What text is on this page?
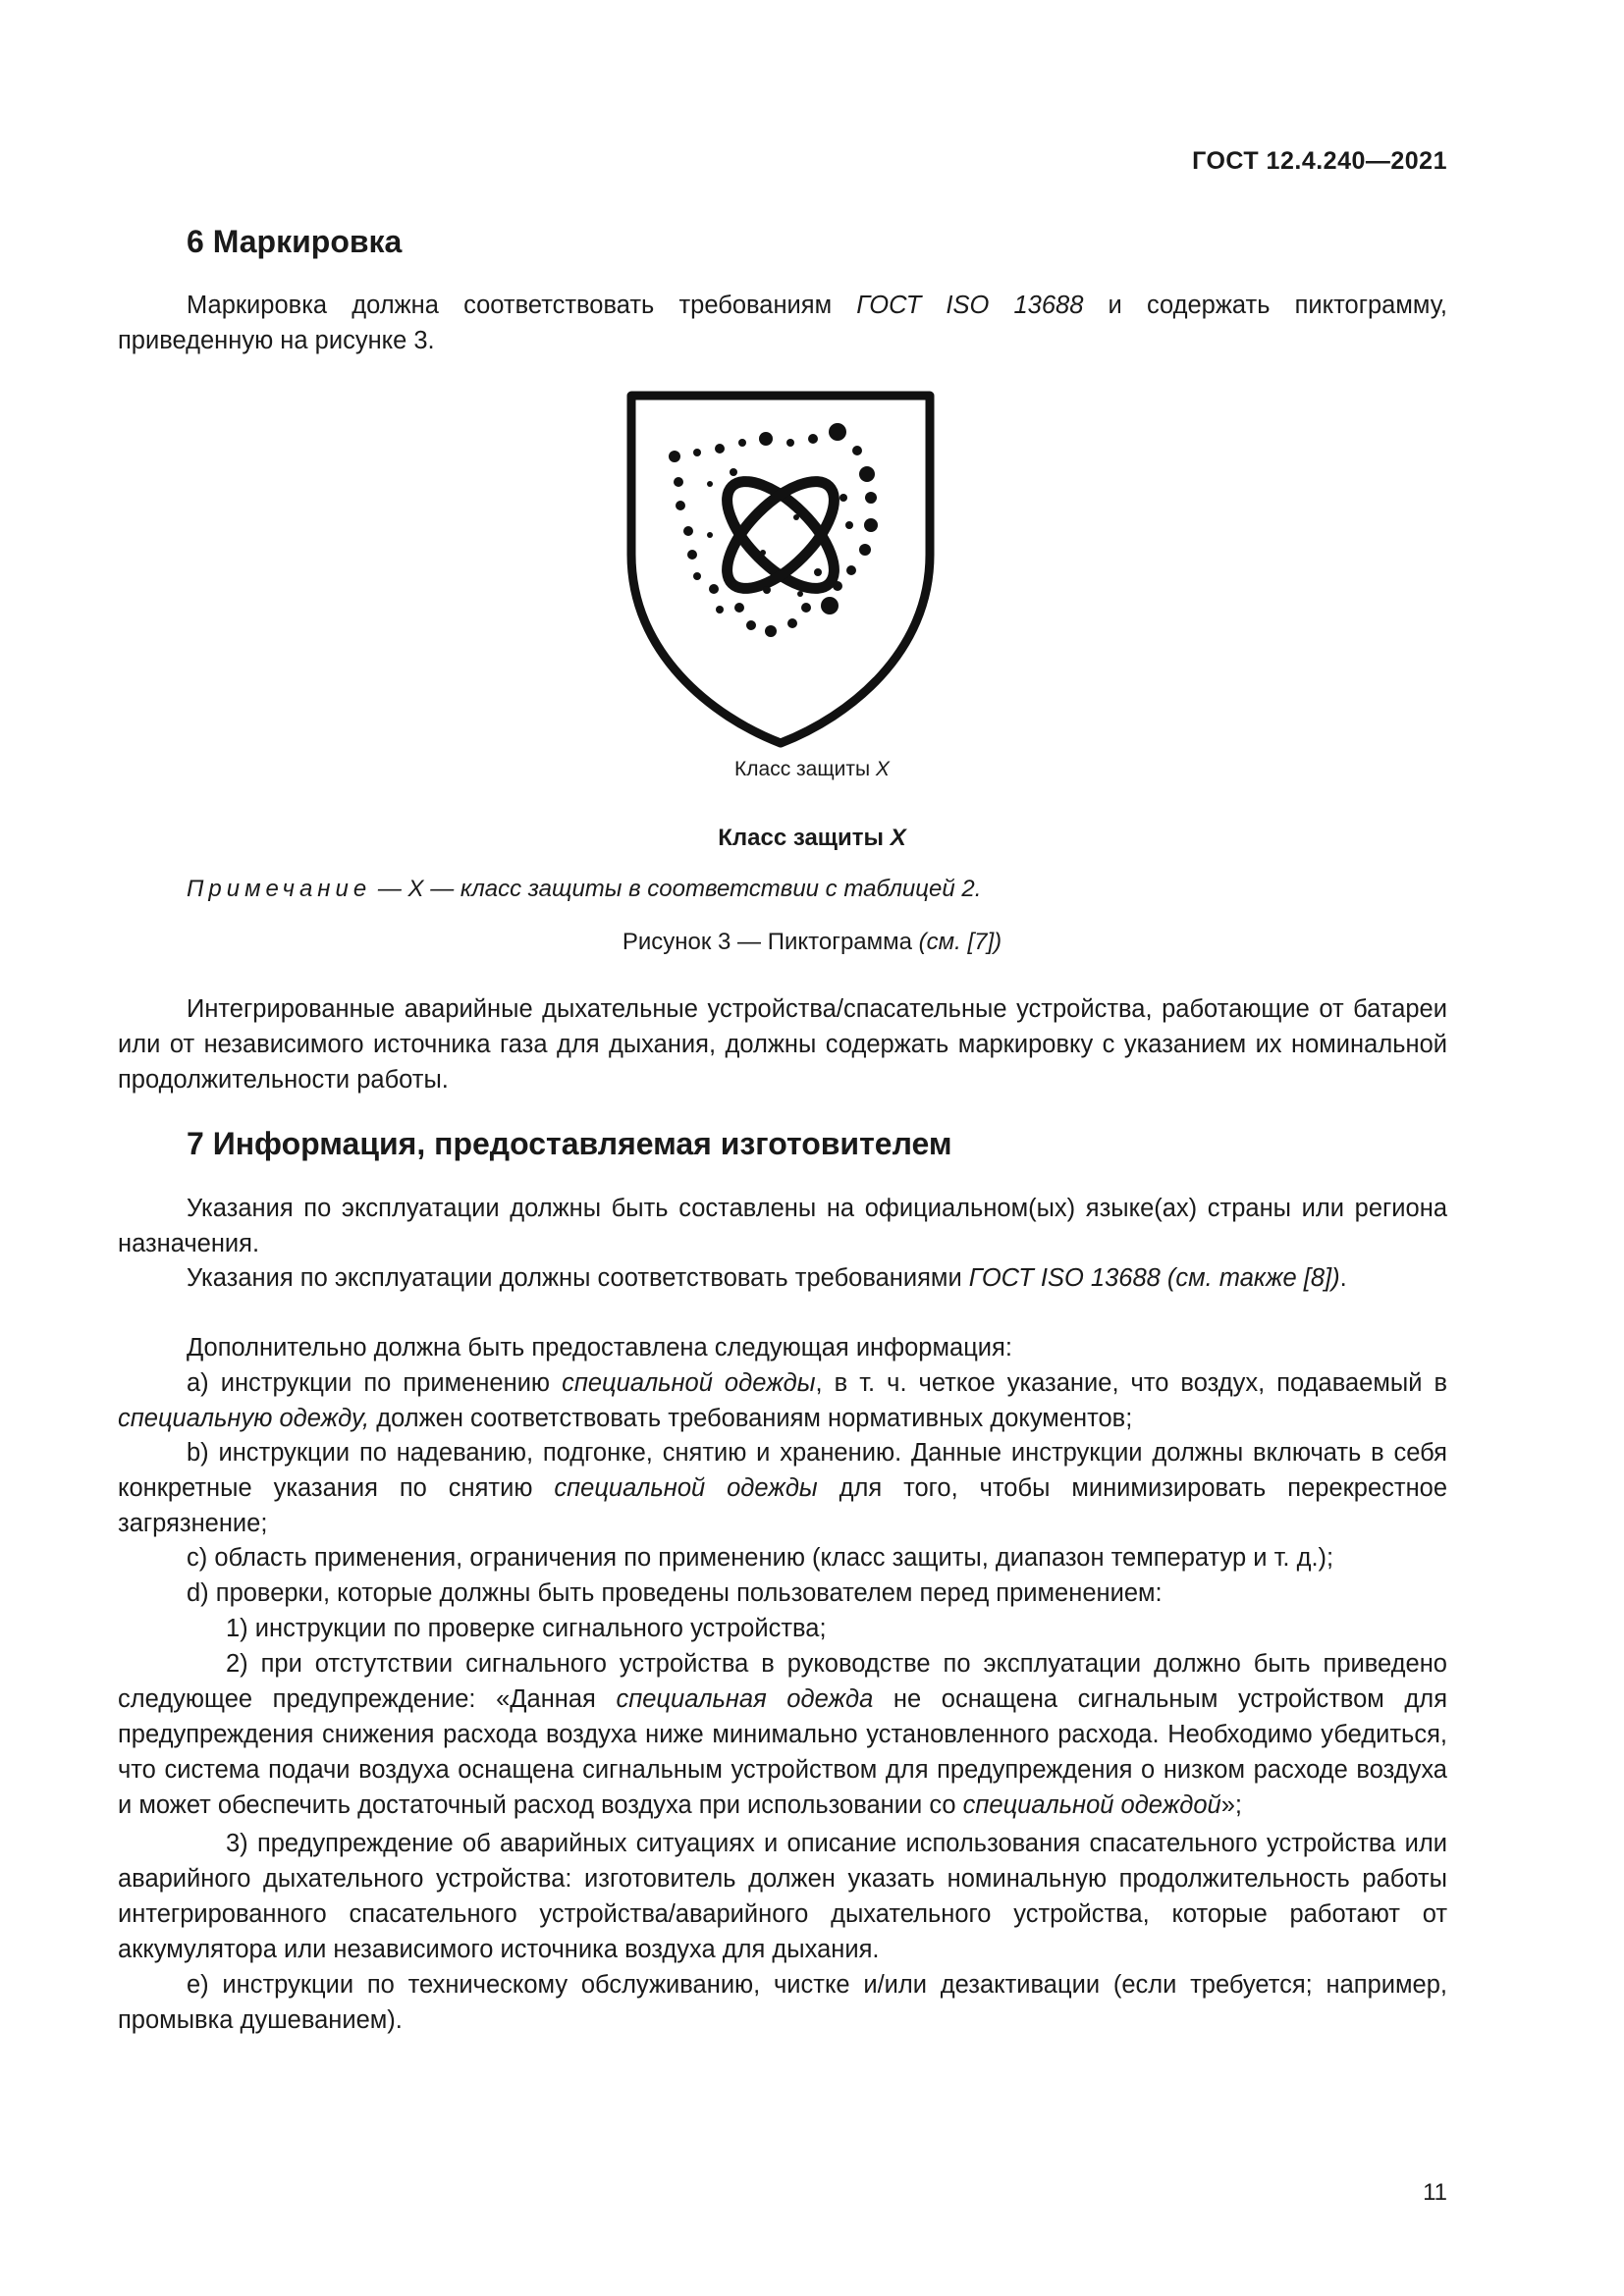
ГОСТ 12.4.240—2021
6 Маркировка

Маркировка должна соответствовать требованиям ГОСТ ISO 13688 и содержать пиктограмму, приведенную на рисунке 3.

Класс защиты X
Класс защиты X
Примечание — X — класс защиты в соответствии с таблицей 2.
Рисунок 3 — Пиктограмма (см. [7])

Интегрированные аварийные дыхательные устройства/спасательные устройства, работающие от батареи или от независимого источника газа для дыхания, должны содержать маркировку с указанием их номинальной продолжительности работы.

7 Информация, предоставляемая изготовителем

Указания по эксплуатации должны быть составлены на официальном(ых) языке(ах) страны или региона назначения.

Указания по эксплуатации должны соответствовать требованиями ГОСТ ISO 13688 (см. также [8]).

Дополнительно должна быть предоставлена следующая информация:

a) инструкции по применению специальной одежды, в т. ч. четкое указание, что воздух, подаваемый в специальную одежду, должен соответствовать требованиям нормативных документов;

b) инструкции по надеванию, подгонке, снятию и хранению. Данные инструкции должны включать в себя конкретные указания по снятию специальной одежды для того, чтобы минимизировать перекрестное загрязнение;

c) область применения, ограничения по применению (класс защиты, диапазон температур и т. д.);

d) проверки, которые должны быть проведены пользователем перед применением:

1) инструкции по проверке сигнального устройства;

2) при отстутствии сигнального устройства в руководстве по эксплуатации должно быть приведено следующее предупреждение: «Данная специальная одежда не оснащена сигнальным устройством для предупреждения снижения расхода воздуха ниже минимально установленного расхода. Необходимо убедиться, что система подачи воздуха оснащена сигнальным устройством для предупреждения о низком расходе воздуха и может обеспечить достаточный расход воздуха при использовании со специальной одеждой»;

3) предупреждение об аварийных ситуациях и описание использования спасательного устройства или аварийного дыхательного устройства: изготовитель должен указать номинальную продолжительность работы интегрированного спасательного устройства/аварийного дыхательного устройства, которые работают от аккумулятора или независимого источника воздуха для дыхания.

e) инструкции по техническому обслуживанию, чистке и/или дезактивации (если требуется; например, промывка душеванием).

11
